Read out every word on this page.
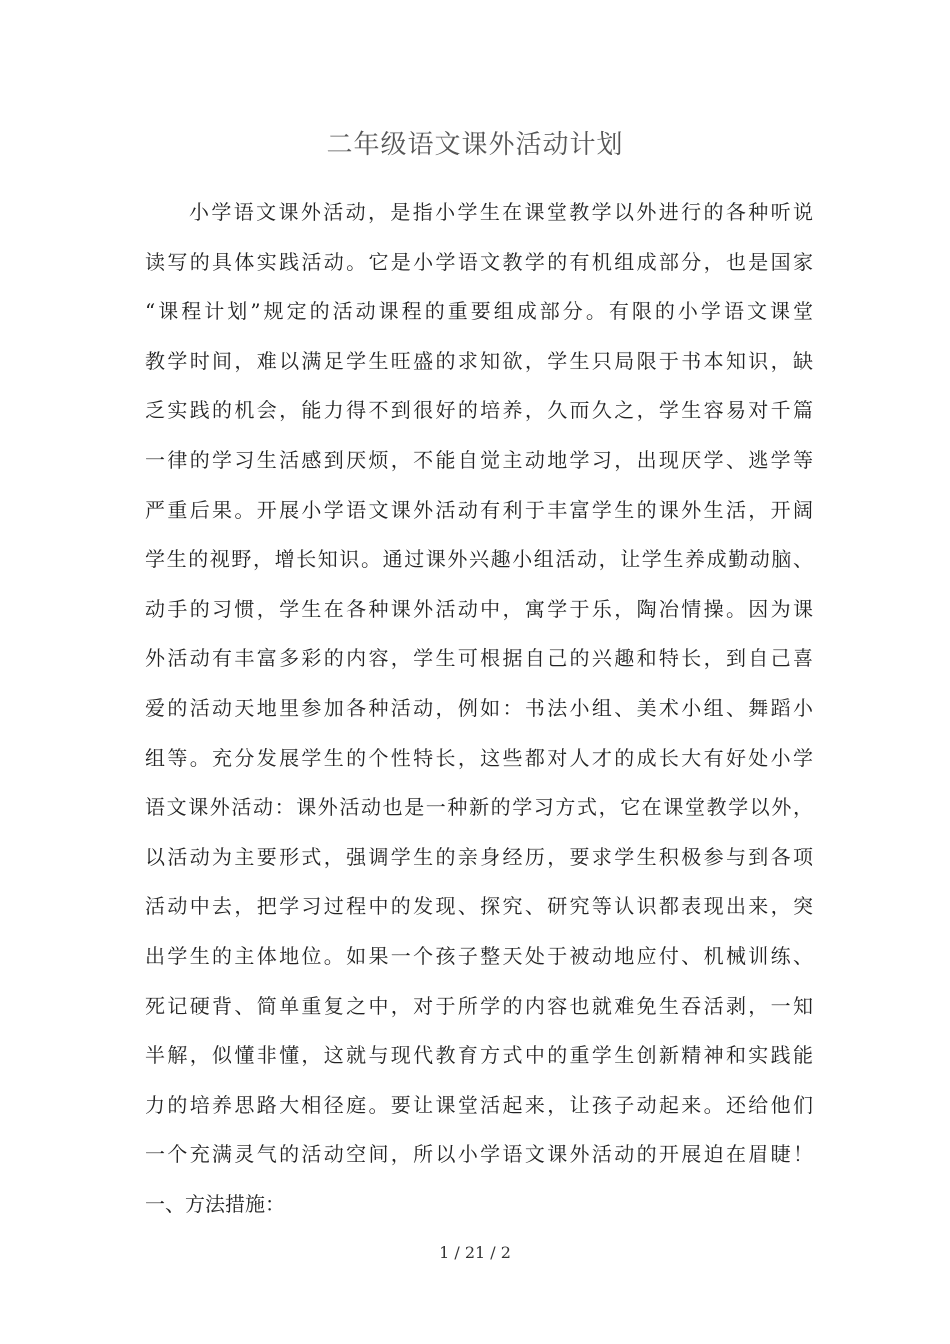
二年级语文课外活动计划
小学语文课外活动，是指小学生在课堂教学以外进行的各种听说
读写的具体实践活动。它是小学语文教学的有机组成部分，也是国家
“课程计划”规定的活动课程的重要组成部分。有限的小学语文课堂
教学时间，难以满足学生旺盛的求知欲，学生只局限于书本知识，缺
乏实践的机会，能力得不到很好的培养，久而久之，学生容易对千篇
一律的学习生活感到厌烦，不能自觉主动地学习，出现厌学、逃学等
严重后果。开展小学语文课外活动有利于丰富学生的课外生活，开阔
学生的视野，增长知识。通过课外兴趣小组活动，让学生养成勤动脑、
动手的习惯，学生在各种课外活动中，寓学于乐，陶冶情操。因为课
外活动有丰富多彩的内容，学生可根据自己的兴趣和特长，到自己喜
爱的活动天地里参加各种活动，例如：书法小组、美术小组、舞蹈小
组等。充分发展学生的个性特长，这些都对人才的成长大有好处小学
语文课外活动：课外活动也是一种新的学习方式，它在课堂教学以外，
以活动为主要形式，强调学生的亲身经历，要求学生积极参与到各项
活动中去，把学习过程中的发现、探究、研究等认识都表现出来，突
出学生的主体地位。如果一个孩子整天处于被动地应付、机械训练、
死记硬背、简单重复之中，对于所学的内容也就难免生吞活剥，一知
半解，似懂非懂，这就与现代教育方式中的重学生创新精神和实践能
力的培养思路大相径庭。要让课堂活起来，让孩子动起来。还给他们
一个充满灵气的活动空间，所以小学语文课外活动的开展迫在眉睫！
一、方法措施：
1 / 21 / 2
